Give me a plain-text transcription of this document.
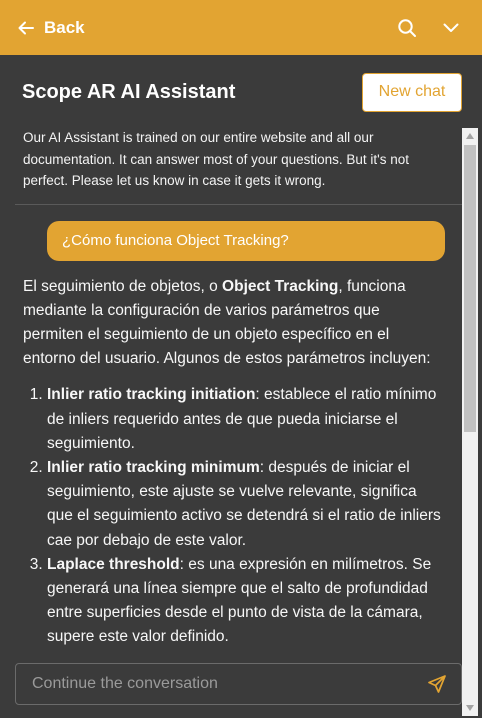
Back
Scope AR AI Assistant	New chat
Our AI Assistant is trained on our entire website and all our documentation. It can answer most of your questions. But it's not perfect. Please let us know in case it gets it wrong.
¿Cómo funciona Object Tracking?

El seguimiento de objetos, o Object Tracking, funciona mediante la configuración de varios parámetros que permiten el seguimiento de un objeto específico en el entorno del usuario. Algunos de estos parámetros incluyen:

1. Inlier ratio tracking initiation: establece el ratio mínimo de inliers requerido antes de que pueda iniciarse el seguimiento.
2. Inlier ratio tracking minimum: después de iniciar el seguimiento, este ajuste se vuelve relevante, significa que el seguimiento activo se detendrá si el ratio de inliers cae por debajo de este valor.
3. Laplace threshold: es una expresión en milímetros. Se generará una línea siempre que el salto de profundidad entre superficies desde el punto de vista de la cámara, supere este valor definido.
Continue the conversation
